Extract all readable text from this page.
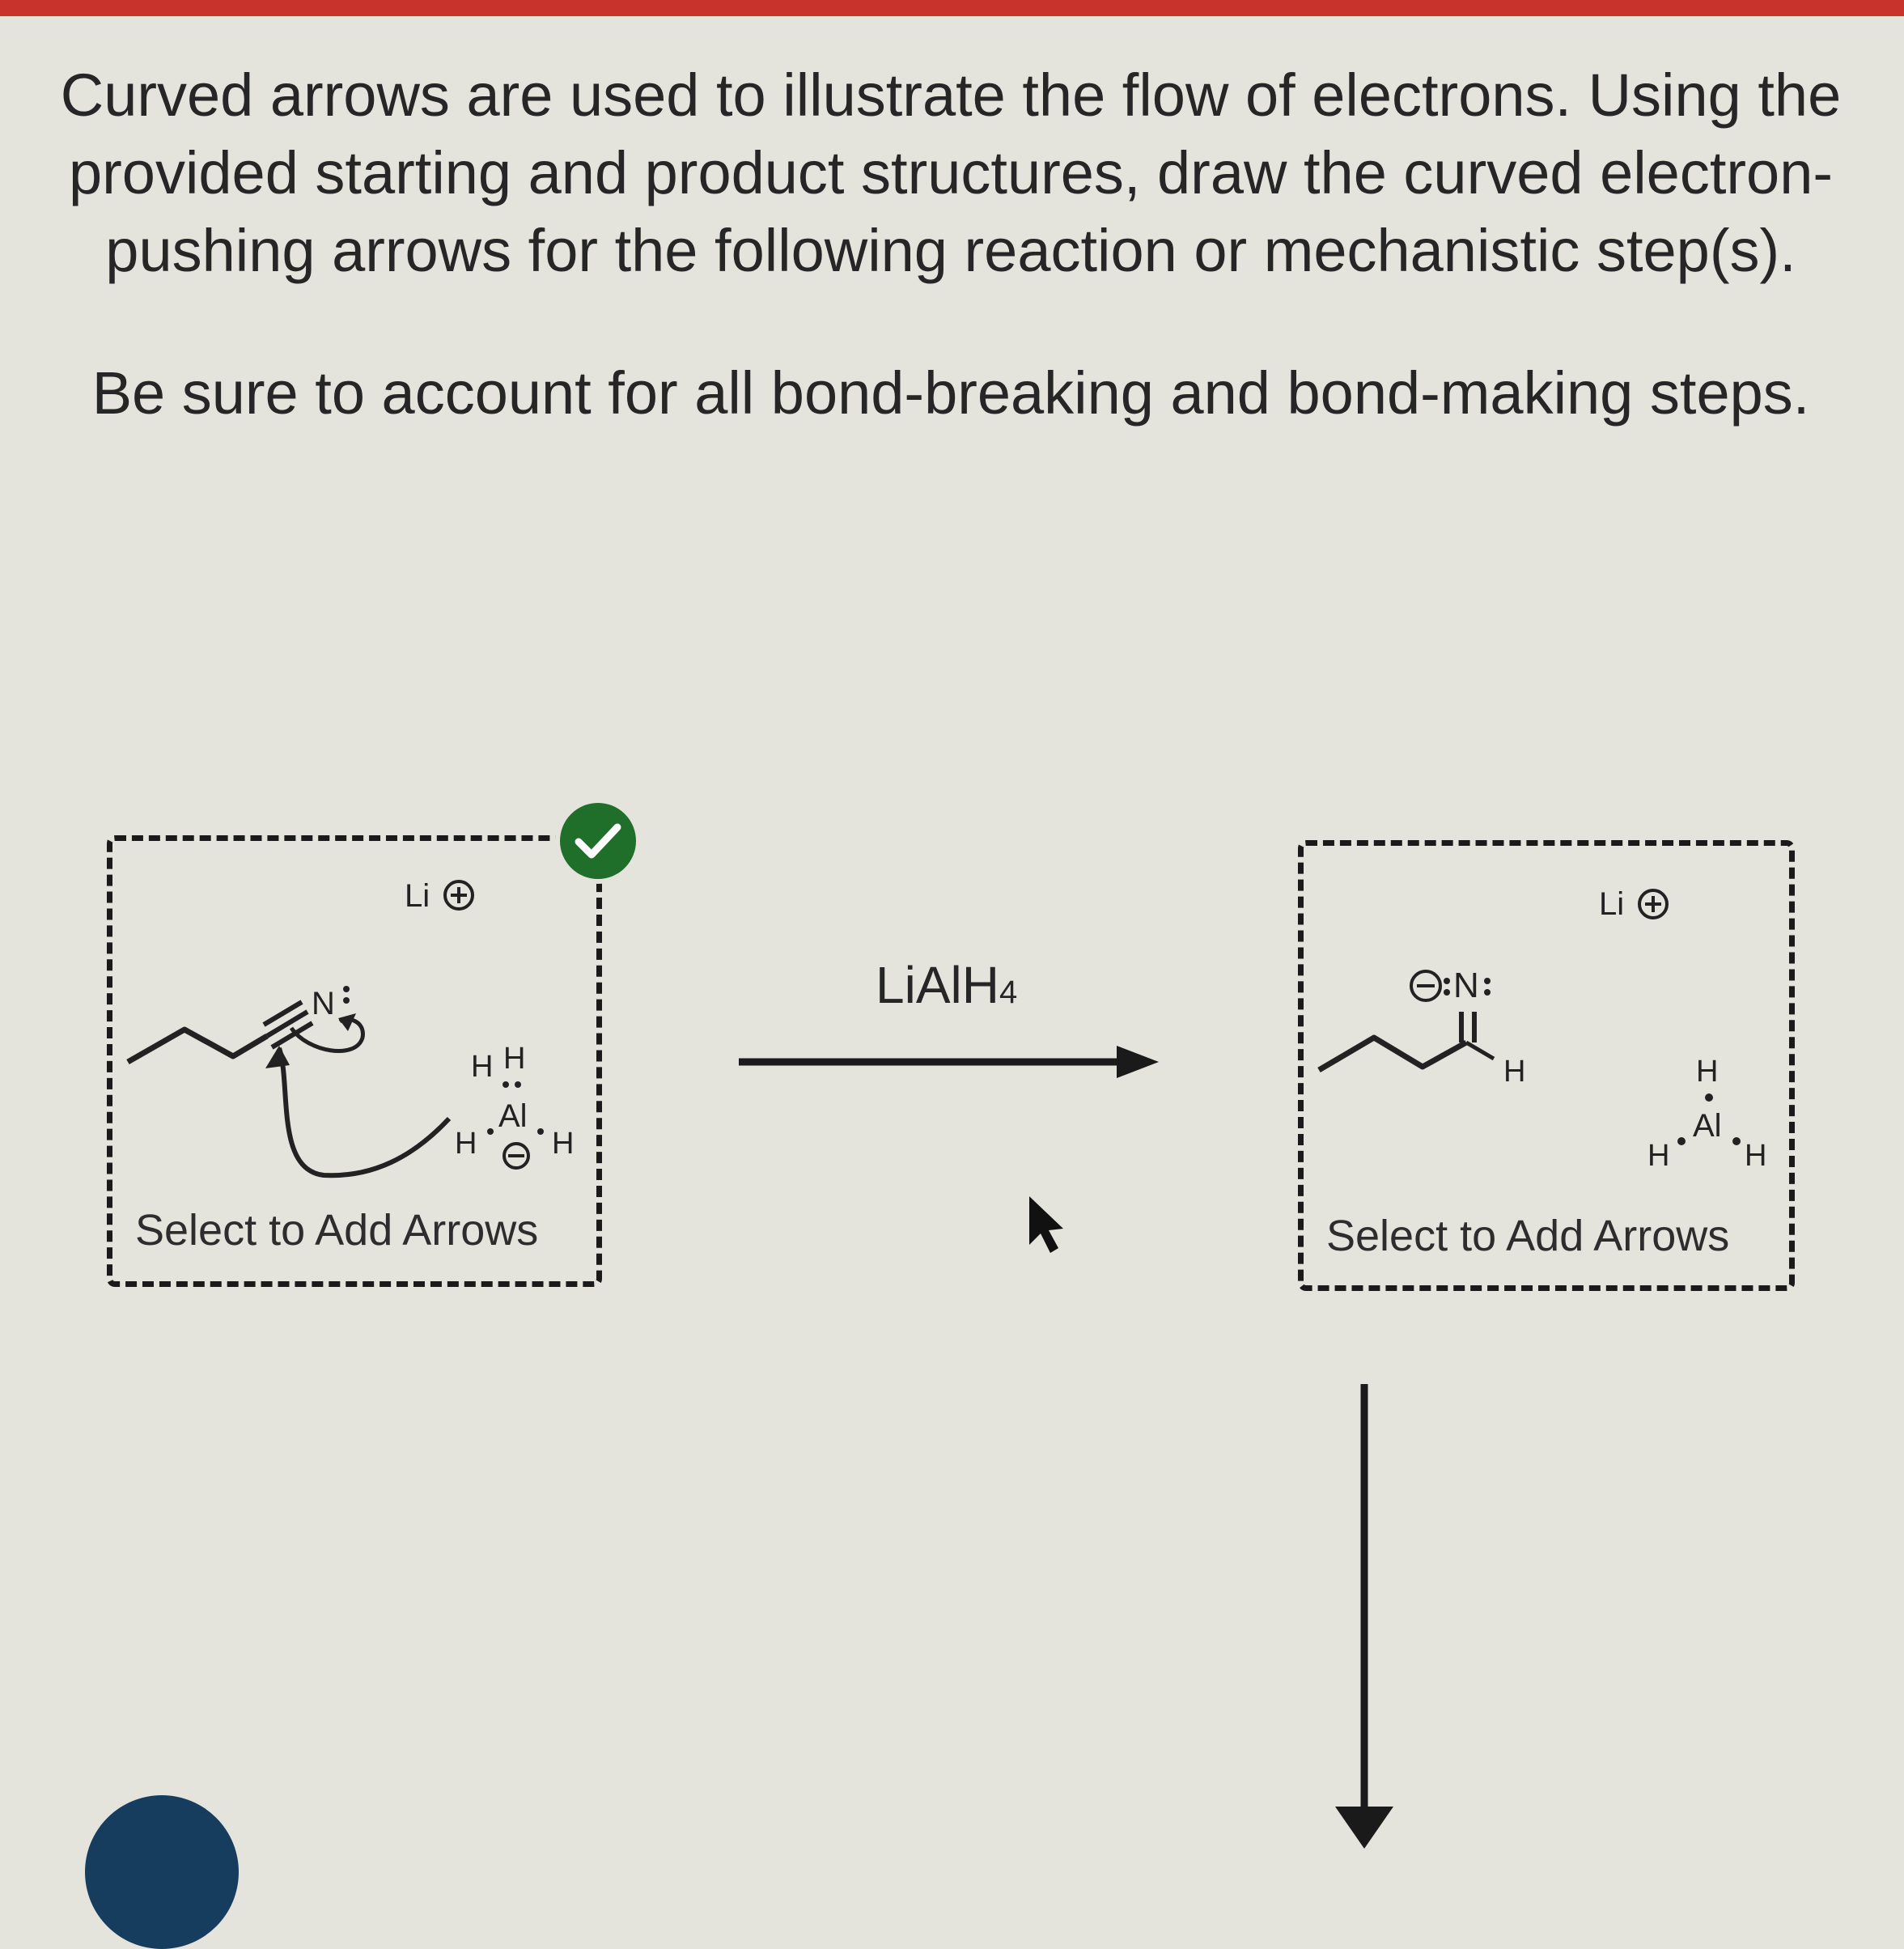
Curved arrows are used to illustrate the flow of electrons. Using the provided starting and product structures, draw the curved electron-pushing arrows for the following reaction or mechanistic step(s).

Be sure to account for all bond-breaking and bond-making steps.

Select to Add Arrows
Li
N
H H
Al
H H
LiAlH4
Select to Add Arrows
Li
N
H	H
Al
H H
